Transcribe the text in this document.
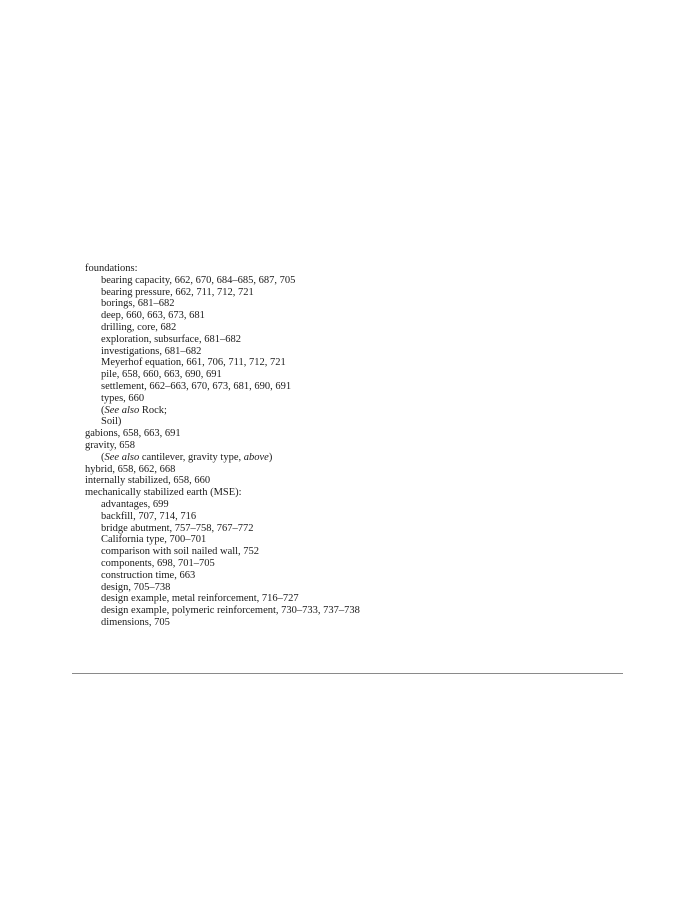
foundations:
bearing capacity, 662, 670, 684–685, 687, 705
bearing pressure, 662, 711, 712, 721
borings, 681–682
deep, 660, 663, 673, 681
drilling, core, 682
exploration, subsurface, 681–682
investigations, 681–682
Meyerhof equation, 661, 706, 711, 712, 721
pile, 658, 660, 663, 690, 691
settlement, 662–663, 670, 673, 681, 690, 691
types, 660
(See also Rock;
Soil)
gabions, 658, 663, 691
gravity, 658
(See also cantilever, gravity type, above)
hybrid, 658, 662, 668
internally stabilized, 658, 660
mechanically stabilized earth (MSE):
advantages, 699
backfill, 707, 714, 716
bridge abutment, 757–758, 767–772
California type, 700–701
comparison with soil nailed wall, 752
components, 698, 701–705
construction time, 663
design, 705–738
design example, metal reinforcement, 716–727
design example, polymeric reinforcement, 730–733, 737–738
dimensions, 705
